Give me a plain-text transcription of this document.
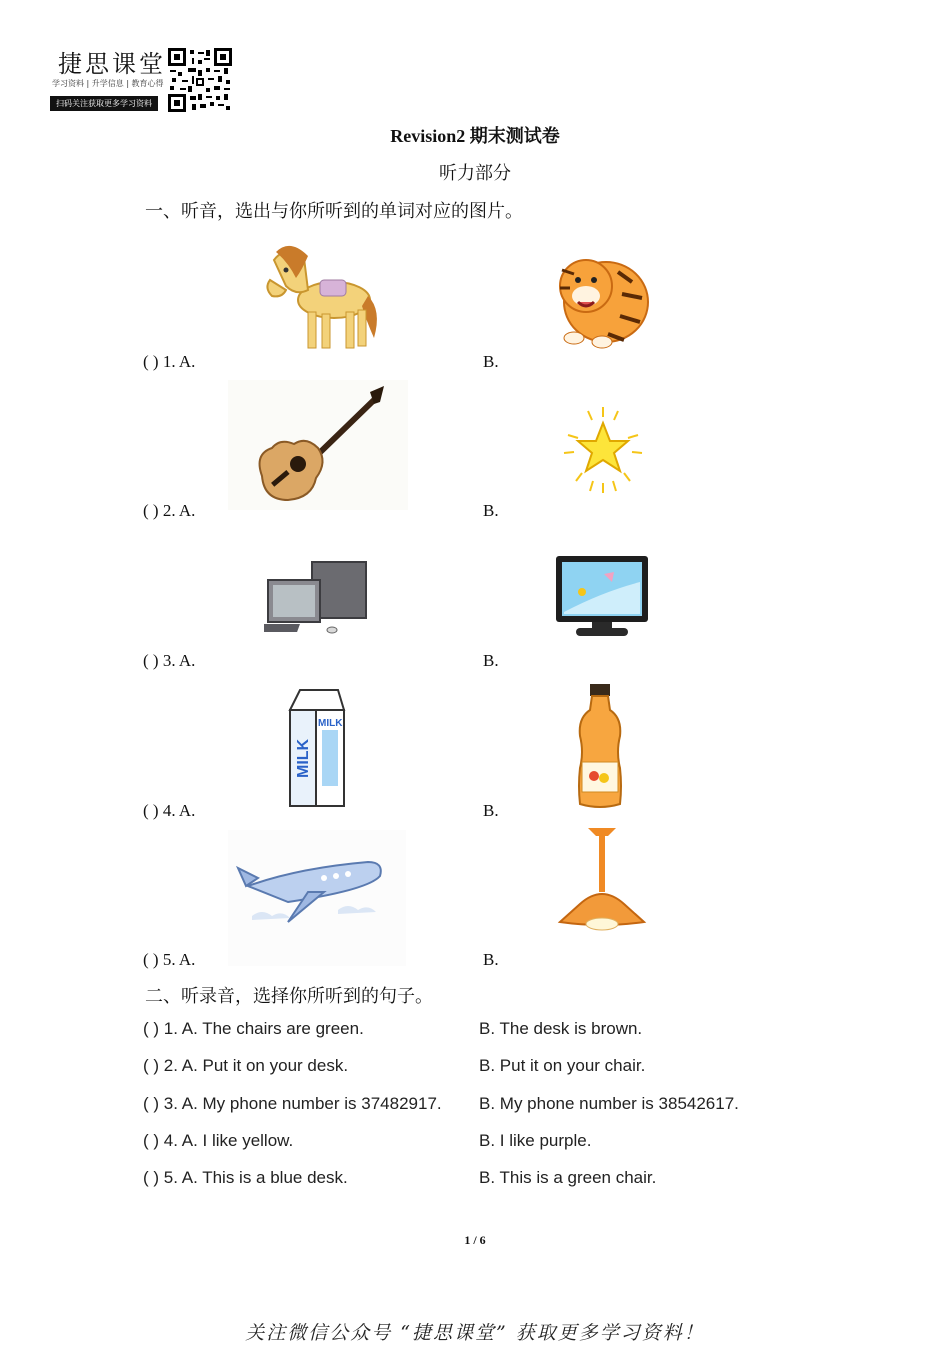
捷思课堂
学习资料 | 升学信息 | 教育心得
扫码关注获取更多学习资料
Revision2 期末测试卷
听力部分
一、听音，选出与你所听到的单词对应的图片。
( ) 1. A.	B.
( ) 2. A.	B.
( ) 3. A.	B.
( ) 4. A.	B.
MILK
MILK
( ) 5. A.	B.
二、听录音，选择你所听到的句子。
( ) 1. A. The chairs are green.	B. The desk is brown.
( ) 2. A. Put it on your desk.	B. Put it on your chair.
( ) 3. A. My phone number is 37482917. B. My phone number is 38542617.
( ) 4. A. I like yellow.	B. I like purple.
( ) 5. A. This is a blue desk.	B. This is a green chair.
1 / 6
关注微信公众号 “捷思课堂” 获取更多学习资料！
